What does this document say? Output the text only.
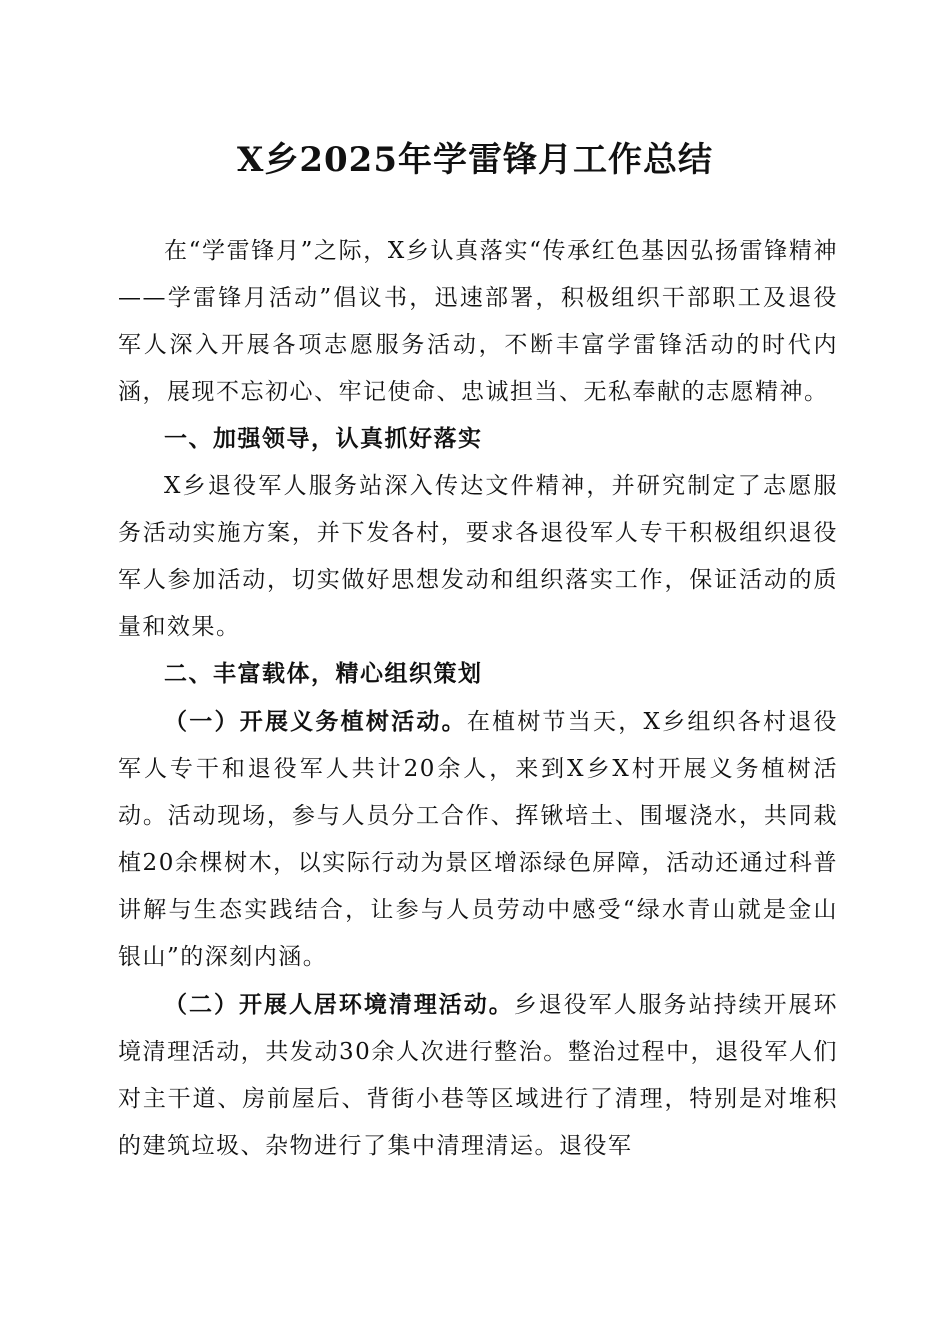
X乡2025年学雷锋月工作总结

在“学雷锋月”之际，X乡认真落实“传承红色基因弘扬雷锋精神——学雷锋月活动”倡议书，迅速部署，积极组织干部职工及退役军人深入开展各项志愿服务活动，不断丰富学雷锋活动的时代内涵，展现不忘初心、牢记使命、忠诚担当、无私奉献的志愿精神。

一、加强领导，认真抓好落实

X乡退役军人服务站深入传达文件精神，并研究制定了志愿服务活动实施方案，并下发各村，要求各退役军人专干积极组织退役军人参加活动，切实做好思想发动和组织落实工作，保证活动的质量和效果。

二、丰富载体，精心组织策划

（一）开展义务植树活动。在植树节当天，X乡组织各村退役军人专干和退役军人共计20余人，来到X乡X村开展义务植树活动。活动现场，参与人员分工合作、挥锹培土、围堰浇水，共同栽植20余棵树木，以实际行动为景区增添绿色屏障，活动还通过科普讲解与生态实践结合，让参与人员劳动中感受“绿水青山就是金山银山”的深刻内涵。

（二）开展人居环境清理活动。乡退役军人服务站持续开展环境清理活动，共发动30余人次进行整治。整治过程中，退役军人们对主干道、房前屋后、背街小巷等区域进行了清理，特别是对堆积的建筑垃圾、杂物进行了集中清理清运。退役军
